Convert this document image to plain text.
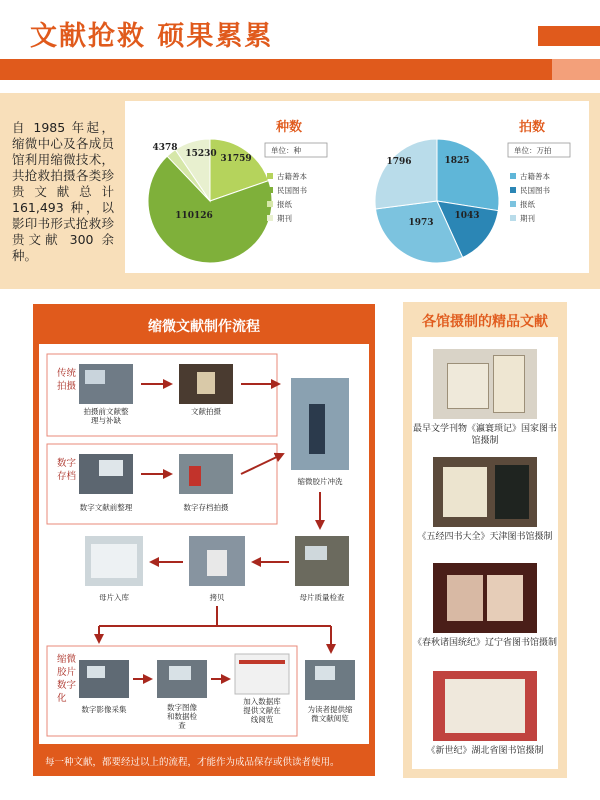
文献抢救 硕果累累
自 1985 年起，缩微中心及各成员馆利用缩微技术，共抢救拍摄各类珍贵文献总计 161,493 种，以影印书形式抢救珍贵文献 300 余种。
31759
110126
4378
15230
种数
单位：种
古籍善本
民国图书
报纸
期刊
1825
1043
1973
1796
拍数
单位：万拍
古籍善本
民国图书
报纸
期刊
缩微文献制作流程
传统拍摄
数字存档
缩微胶片数字化
拍摄前文献整理与补缺
文献拍摄
数字文献前整理	数字存档拍摄
缩微胶片冲洗
母片质量检查
拷贝
母片入库
数字影像采集	数字图像和数据检查
加入数据库提供文献在线阅览
为读者提供缩微文献阅览
每一种文献，都要经过以上的流程，才能作为成品保存或供读者使用。
各馆摄制的精品文献
最早文学刊物《瀛寰琐记》国家图书馆摄制
《五经四书大全》天津图书馆摄制
《春秋诸国统纪》辽宁省图书馆摄制
《新世纪》湖北省图书馆摄制
